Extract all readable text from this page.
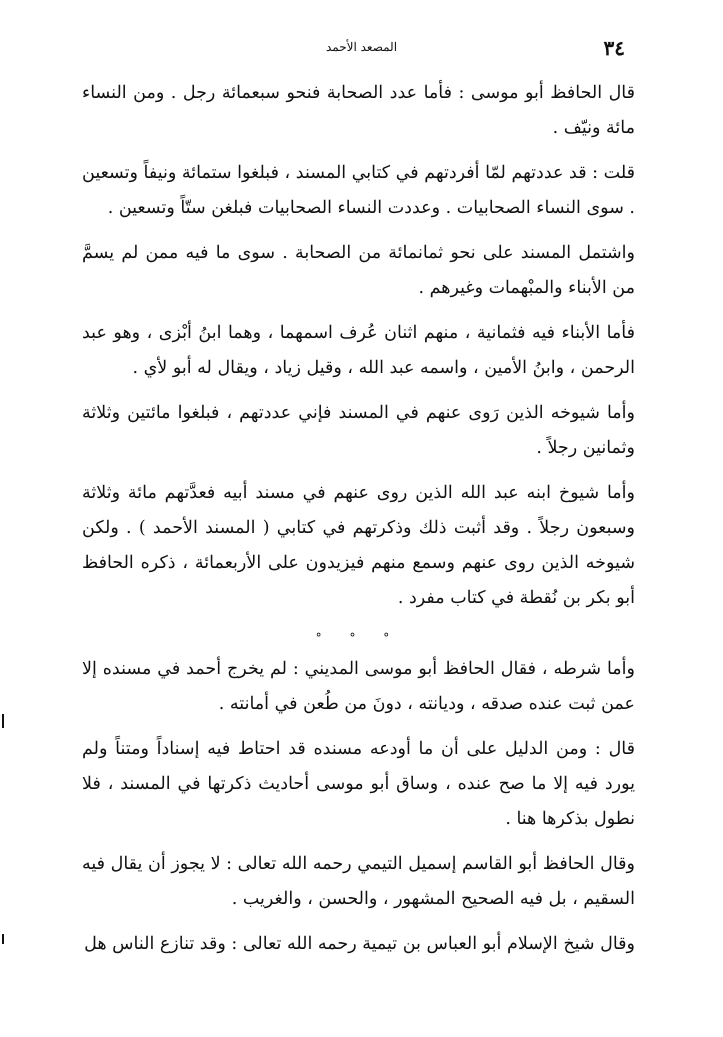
٣٤
المصعد الأحمد

قال الحافظ أبو موسى : فأما عدد الصحابة فنحو سبعمائة رجل . ومن النساء مائة ونيّف .

قلت : قد عددتهم لمّا أفردتهم في كتابي المسند ، فبلغوا ستمائة ونيفاً وتسعين . سوى النساء الصحابيات . وعددت النساء الصحابيات فبلغن ستّاً وتسعين .

واشتمل المسند على نحو ثمانمائة من الصحابة . سوى ما فيه ممن لم يسمَّ من الأبناء والمبْهمات وغيرهم .

فأما الأبناء فيه فثمانية ، منهم اثنان عُرف اسمهما ، وهما ابنُ أبْزى ، وهو عبد الرحمن ، وابنُ الأمين ، واسمه عبد الله ، وقيل زياد ، ويقال له أبو لأي .

وأما شيوخه الذين رَوى عنهم في المسند فإني عددتهم ، فبلغوا مائتين وثلاثة وثمانين رجلاً .

وأما شيوخ ابنه عبد الله الذين روى عنهم في مسند أبيه فعدَّتهم مائة وثلاثة وسبعون رجلاً . وقد أثبت ذلك وذكرتهم في كتابي ( المسند الأحمد ) . ولكن شيوخه الذين روى عنهم وسمع منهم فيزيدون على الأربعمائة ، ذكره الحافظ أبو بكر بن نُقطة في كتاب مفرد .

° ° °

وأما شرطه ، فقال الحافظ أبو موسى المديني : لم يخرج أحمد في مسنده إلا عمن ثبت عنده صدقه ، وديانته ، دونَ من طُعن في أمانته .

قال : ومن الدليل على أن ما أودعه مسنده قد احتاط فيه إسناداً ومتناً ولم يورد فيه إلا ما صح عنده ، وساق أبو موسى أحاديث ذكرتها في المسند ، فلا نطول بذكرها هنا .

وقال الحافظ أبو القاسم إسميل التيمي رحمه الله تعالى : لا يجوز أن يقال فيه السقيم ، بل فيه الصحيح المشهور ، والحسن ، والغريب .

وقال شيخ الإسلام أبو العباس بن تيمية رحمه الله تعالى : وقد تنازع الناس هل
